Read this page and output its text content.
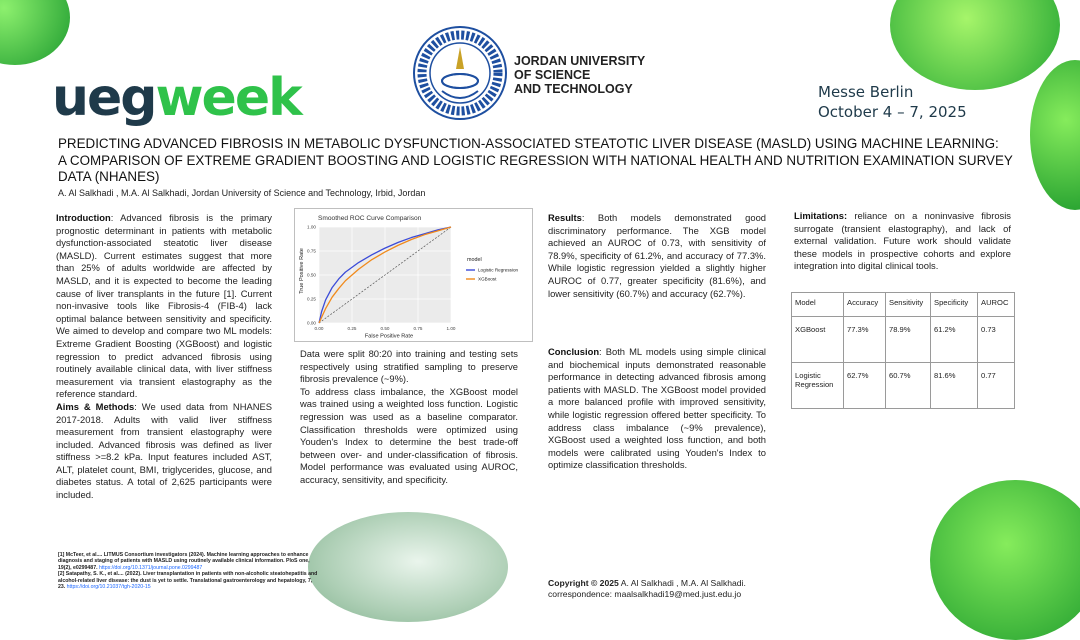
uegweek
JORDAN UNIVERSITY
OF SCIENCE
AND TECHNOLOGY	Messe Berlin
October 4 – 7, 2025
PREDICTING ADVANCED FIBROSIS IN METABOLIC DYSFUNCTION-ASSOCIATED STEATOTIC LIVER DISEASE (MASLD) USING MACHINE LEARNING:
A COMPARISON OF EXTREME GRADIENT BOOSTING AND LOGISTIC REGRESSION WITH NATIONAL HEALTH AND NUTRITION EXAMINATION SURVEY
DATA (NHANES)
A. Al Salkhadi , M.A. Al Salkhadi, Jordan University of Science and Technology, Irbid, Jordan

Introduction: Advanced fibrosis is the primary prognostic determinant in patients with metabolic dysfunction-associated steatotic liver disease (MASLD). Current estimates suggest that more than 25% of adults worldwide are affected by MASLD, and it is expected to become the leading cause of liver transplants in the future [1]. Current non-invasive tools like Fibrosis-4 (FIB-4) lack optimal balance between sensitivity and specificity. We aimed to develop and compare two ML models: Extreme Gradient Boosting (XGBoost) and logistic regression to predict advanced fibrosis using routinely available clinical data, with liver stiffness measurement via transient elastography as the reference standard.

Aims & Methods: We used data from NHANES 2017-2018. Adults with valid liver stiffness measurement from transient elastography were included. Advanced fibrosis was defined as liver stiffness >=8.2 kPa. Input features included AST, ALT, platelet count, BMI, triglycerides, glucose, and diabetes status. A total of 2,625 participants were included.

Smoothed ROC Curve Comparison
0.00	0.25	0.50	0.75	1.00
0.00
0.25
0.50
0.75
1.00
False Positive Rate
True Positive Rate	model
Logistic Regression
XGBoost

Data were split 80:20 into training and testing sets respectively using stratified sampling to preserve fibrosis prevalence (~9%).

To address class imbalance, the XGBoost model was trained using a weighted loss function. Logistic regression was used as a baseline comparator. Classification thresholds were optimized using Youden's Index to determine the best trade-off between over- and under-classification of fibrosis. Model performance was evaluated using AUROC, accuracy, sensitivity, and specificity.

Results: Both models demonstrated good discriminatory performance. The XGB model achieved an AUROC of 0.73, with sensitivity of 78.9%, specificity of 61.2%, and accuracy of 77.3%. While logistic regression yielded a slightly higher AUROC of 0.77, greater specificity (81.6%), and lower sensitivity (60.7%) and accuracy (62.7%).

Conclusion: Both ML models using simple clinical and biochemical inputs demonstrated reasonable performance in detecting advanced fibrosis among patients with MASLD. The XGBoost model provided a more balanced profile with improved sensitivity, while logistic regression offered better specificity. To address class imbalance (~9% prevalence), XGBoost used a weighted loss function, and both models were calibrated using Youden's Index to optimize classification thresholds.

Limitations: reliance on a noninvasive fibrosis surrogate (transient elastography), and lack of external validation. Future work should validate these models in prospective cohorts and explore integration into digital clinical tools.

Model	Accuracy	Sensitivity	Specificity	AUROC
XGBoost	77.3%	78.9%	61.2%	0.73
Logistic Regression	62.7%	60.7%	81.6%	0.77
[1] McTeer, et al.... LITMUS Consortium investigators (2024). Machine learning approaches to enhance diagnosis and staging of patients with MASLD using routinely available clinical information. PloS one, 19(2), e0299487. https://doi.org/10.1371/journal.pone.0299487
[2] Satapathy, S. K., et al.... (2022). Liver transplantation in patients with non-alcoholic steatohepatitis and alcohol-related liver disease: the dust is yet to settle. Translational gastroenterology and hepatology, 7, 23. https://doi.org/10.21037/tgh-2020-15	Copyright © 2025 A. Al Salkhadi , M.A. Al Salkhadi.
correspondence: maalsalkhadi19@med.just.edu.jo
